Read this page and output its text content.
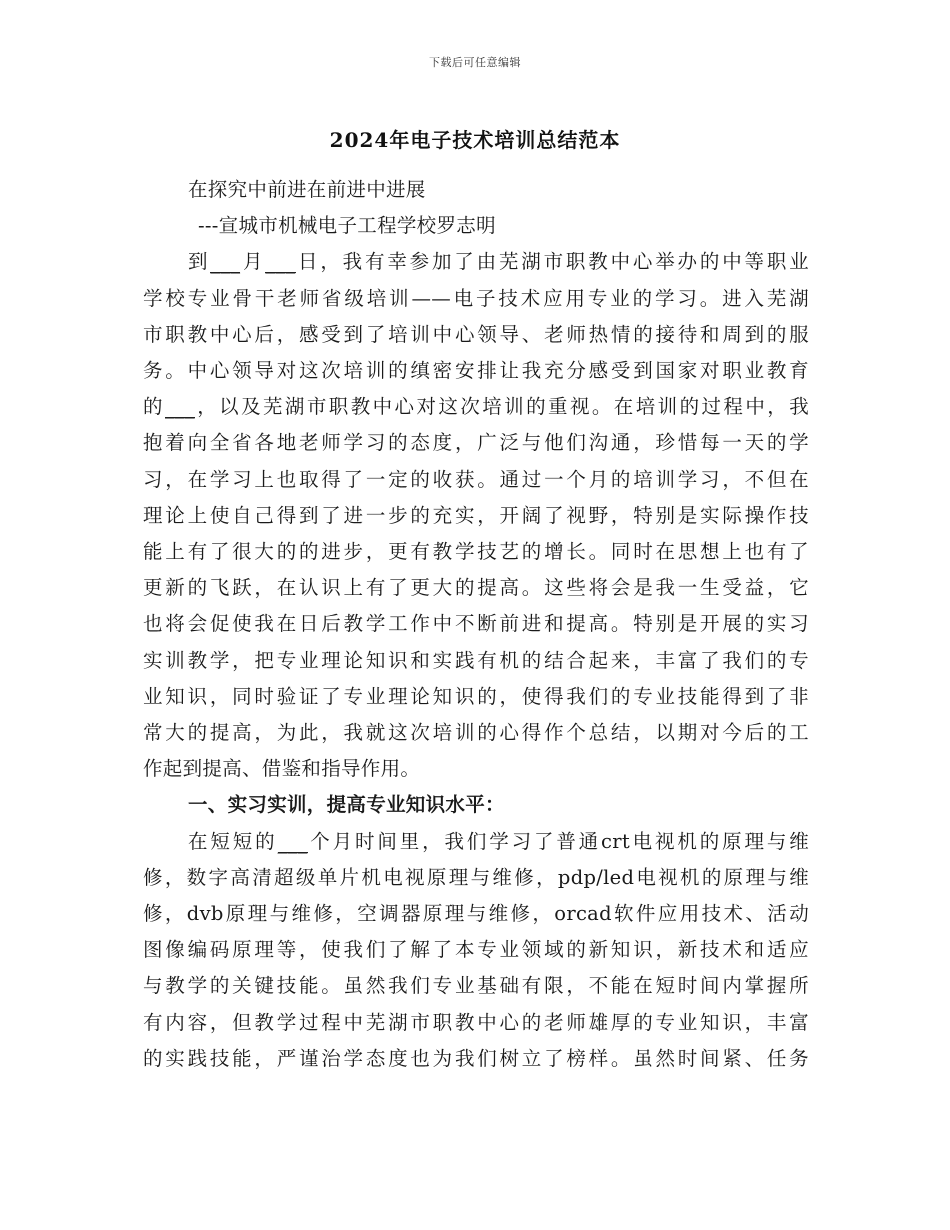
下载后可任意编辑
2024年电子技术培训总结范本
在探究中前进在前进中进展
---宣城市机械电子工程学校罗志明
到___月___日，我有幸参加了由芜湖市职教中心举办的中等职业
学校专业骨干老师省级培训——电子技术应用专业的学习。进入芜湖
市职教中心后，感受到了培训中心领导、老师热情的接待和周到的服
务。中心领导对这次培训的缜密安排让我充分感受到国家对职业教育
的___，以及芜湖市职教中心对这次培训的重视。在培训的过程中，我
抱着向全省各地老师学习的态度，广泛与他们沟通，珍惜每一天的学
习，在学习上也取得了一定的收获。通过一个月的培训学习，不但在
理论上使自己得到了进一步的充实，开阔了视野，特别是实际操作技
能上有了很大的的进步，更有教学技艺的增长。同时在思想上也有了
更新的飞跃，在认识上有了更大的提高。这些将会是我一生受益，它
也将会促使我在日后教学工作中不断前进和提高。特别是开展的实习
实训教学，把专业理论知识和实践有机的结合起来，丰富了我们的专
业知识，同时验证了专业理论知识的，使得我们的专业技能得到了非
常大的提高，为此，我就这次培训的心得作个总结，以期对今后的工
作起到提高、借鉴和指导作用。
一、实习实训，提高专业知识水平：
在短短的___个月时间里，我们学习了普通crt电视机的原理与维
修，数字高清超级单片机电视原理与维修，pdp/led电视机的原理与维
修，dvb原理与维修，空调器原理与维修，orcad软件应用技术、活动
图像编码原理等，使我们了解了本专业领域的新知识，新技术和适应
与教学的关键技能。虽然我们专业基础有限，不能在短时间内掌握所
有内容，但教学过程中芜湖市职教中心的老师雄厚的专业知识，丰富
的实践技能，严谨治学态度也为我们树立了榜样。虽然时间紧、任务
